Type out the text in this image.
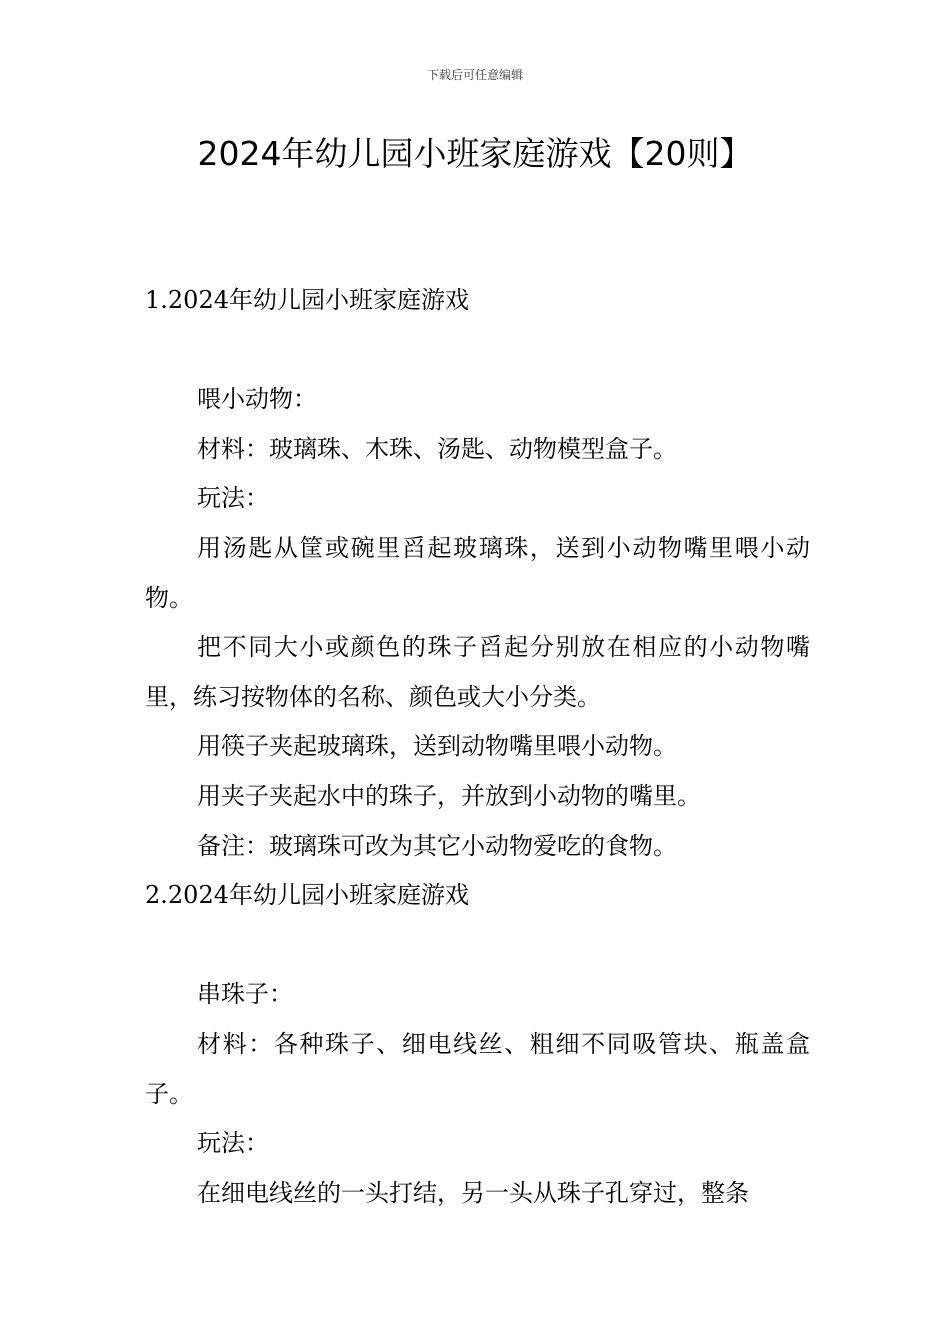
下载后可任意编辑
2024年幼儿园小班家庭游戏【20则】

1.2024年幼儿园小班家庭游戏

喂小动物：

材料：玻璃珠、木珠、汤匙、动物模型盒子。

玩法：

用汤匙从筐或碗里舀起玻璃珠，送到小动物嘴里喂小动物。

把不同大小或颜色的珠子舀起分别放在相应的小动物嘴里，练习按物体的名称、颜色或大小分类。

用筷子夹起玻璃珠，送到动物嘴里喂小动物。

用夹子夹起水中的珠子，并放到小动物的嘴里。

备注：玻璃珠可改为其它小动物爱吃的食物。

2.2024年幼儿园小班家庭游戏

串珠子：

材料：各种珠子、细电线丝、粗细不同吸管块、瓶盖盒子。

玩法：

在细电线丝的一头打结，另一头从珠子孔穿过，整条
